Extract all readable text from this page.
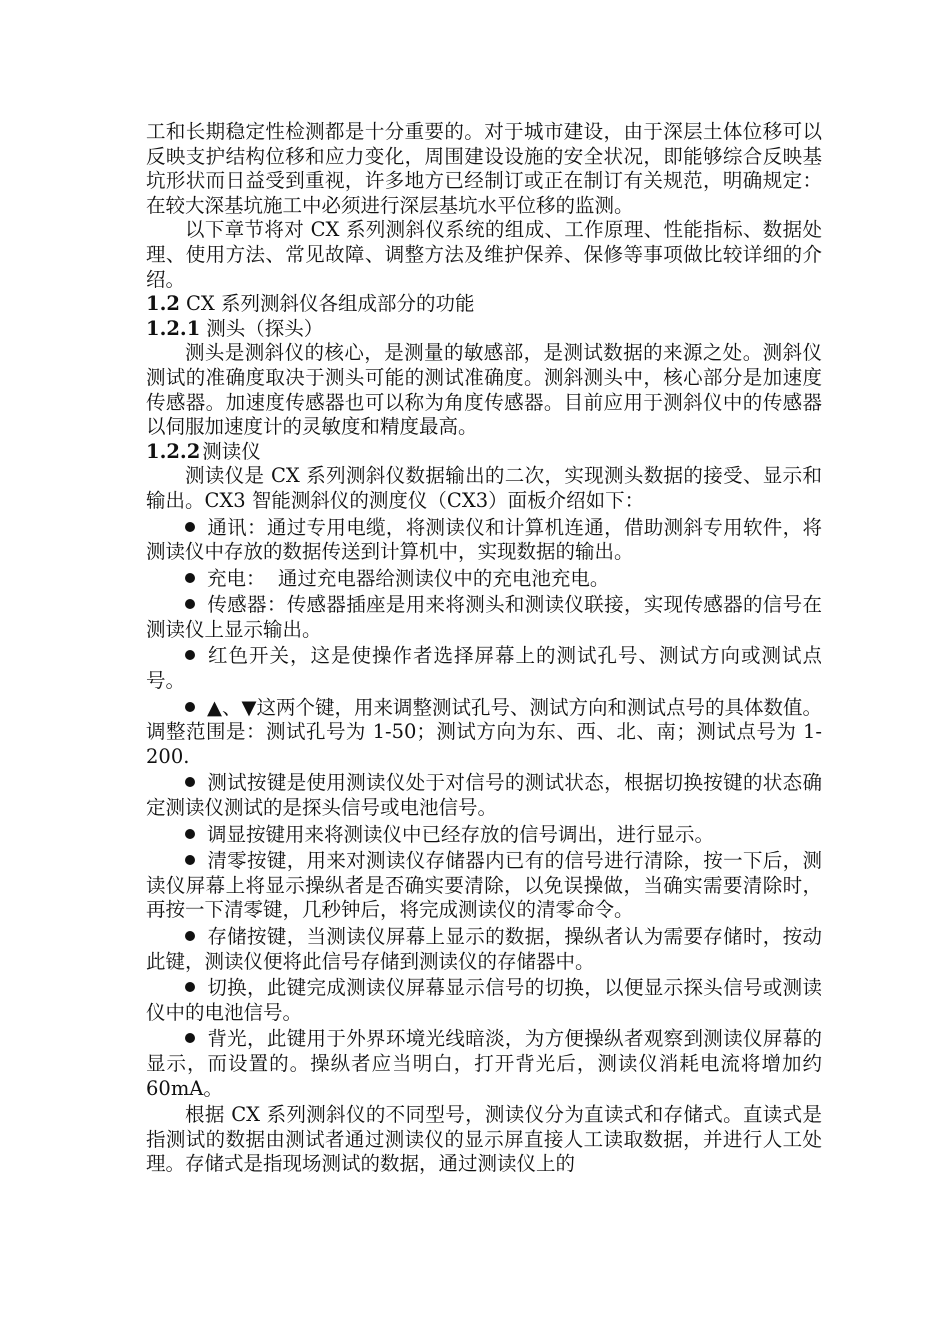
工和长期稳定性检测都是十分重要的。对于城市建设，由于深层土体位移可以反映支护结构位移和应力变化，周围建设设施的安全状况，即能够综合反映基坑形状而日益受到重视，许多地方已经制订或正在制订有关规范，明确规定：在较大深基坑施工中必须进行深层基坑水平位移的监测。

以下章节将对 CX 系列测斜仪系统的组成、工作原理、性能指标、数据处理、使用方法、常见故障、调整方法及维护保养、保修等事项做比较详细的介绍。

1.2 CX 系列测斜仪各组成部分的功能

1.2.1 测头（探头）

测头是测斜仪的核心，是测量的敏感部，是测试数据的来源之处。测斜仪测试的准确度取决于测头可能的测试准确度。测斜测头中，核心部分是加速度传感器。加速度传感器也可以称为角度传感器。目前应用于测斜仪中的传感器以伺服加速度计的灵敏度和精度最高。

1.2.2 测读仪

测读仪是 CX 系列测斜仪数据输出的二次，实现测头数据的接受、显示和输出。CX3 智能测斜仪的测度仪（CX3）面板介绍如下：

通讯：通过专用电缆，将测读仪和计算机连通，借助测斜专用软件，将测读仪中存放的数据传送到计算机中，实现数据的输出。

充电：  通过充电器给测读仪中的充电池充电。

传感器：传感器插座是用来将测头和测读仪联接，实现传感器的信号在测读仪上显示输出。

红色开关，这是使操作者选择屏幕上的测试孔号、测试方向或测试点号。

▲、▼这两个键，用来调整测试孔号、测试方向和测试点号的具体数值。调整范围是：测试孔号为 1-50；测试方向为东、西、北、南；测试点号为 1-200.

测试按键是使用测读仪处于对信号的测试状态，根据切换按键的状态确定测读仪测试的是探头信号或电池信号。

调显按键用来将测读仪中已经存放的信号调出，进行显示。

清零按键，用来对测读仪存储器内已有的信号进行清除，按一下后，测读仪屏幕上将显示操纵者是否确实要清除，以免误操做，当确实需要清除时，再按一下清零键，几秒钟后，将完成测读仪的清零命令。

存储按键，当测读仪屏幕上显示的数据，操纵者认为需要存储时，按动此键，测读仪便将此信号存储到测读仪的存储器中。

切换，此键完成测读仪屏幕显示信号的切换，以便显示探头信号或测读仪中的电池信号。

背光，此键用于外界环境光线暗淡，为方便操纵者观察到测读仪屏幕的显示，而设置的。操纵者应当明白，打开背光后，测读仪消耗电流将增加约 60mA。

根据 CX 系列测斜仪的不同型号，测读仪分为直读式和存储式。直读式是指测试的数据由测试者通过测读仪的显示屏直接人工读取数据，并进行人工处理。存储式是指现场测试的数据，通过测读仪上的
